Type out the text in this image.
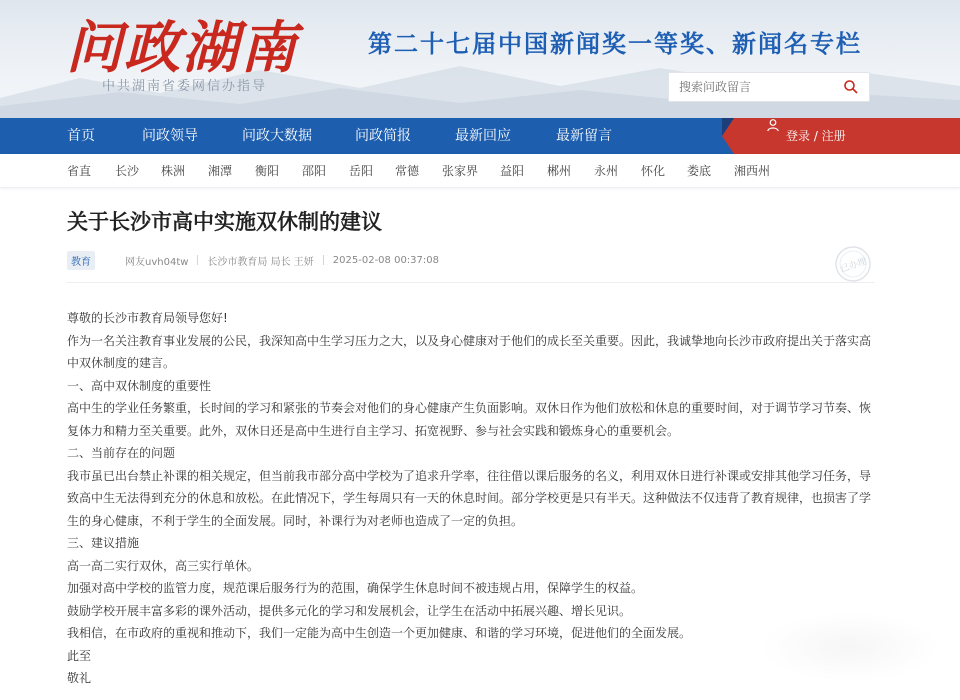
问政湖南
中共湖南省委网信办指导
第二十七届中国新闻奖一等奖、新闻名专栏
搜索问政留言
首页	问政领导	问政大数据	问政简报	最新回应	最新留言	登录 / 注册
省直 长沙 株洲 湘潭 衡阳 邵阳 岳阳 常德 张家界 益阳 郴州 永州 怀化 娄底 湘西州
关于长沙市高中实施双休制的建议
教育	网友uvh04tw 长沙市教育局 局长 王妍 2025-02-08 00:37:08	已办理

尊敬的长沙市教育局领导您好!

作为一名关注教育事业发展的公民，我深知高中生学习压力之大，以及身心健康对于他们的成长至关重要。因此，我诚挚地向长沙市政府提出关于落实高中双休制度的建言。

一、高中双休制度的重要性

高中生的学业任务繁重，长时间的学习和紧张的节奏会对他们的身心健康产生负面影响。双休日作为他们放松和休息的重要时间，对于调节学习节奏、恢复体力和精力至关重要。此外，双休日还是高中生进行自主学习、拓宽视野、参与社会实践和锻炼身心的重要机会。

二、当前存在的问题

我市虽已出台禁止补课的相关规定，但当前我市部分高中学校为了追求升学率，往往借以课后服务的名义，利用双休日进行补课或安排其他学习任务，导致高中生无法得到充分的休息和放松。在此情况下，学生每周只有一天的休息时间。部分学校更是只有半天。这种做法不仅违背了教育规律，也损害了学生的身心健康，不利于学生的全面发展。同时，补课行为对老师也造成了一定的负担。

三、建议措施

高一高二实行双休，高三实行单休。

加强对高中学校的监管力度，规范课后服务行为的范围，确保学生休息时间不被违规占用，保障学生的权益。

鼓励学校开展丰富多彩的课外活动，提供多元化的学习和发展机会，让学生在活动中拓展兴趣、增长见识。

我相信，在市政府的重视和推动下，我们一定能为高中生创造一个更加健康、和谐的学习环境，促进他们的全面发展。

此至

敬礼
